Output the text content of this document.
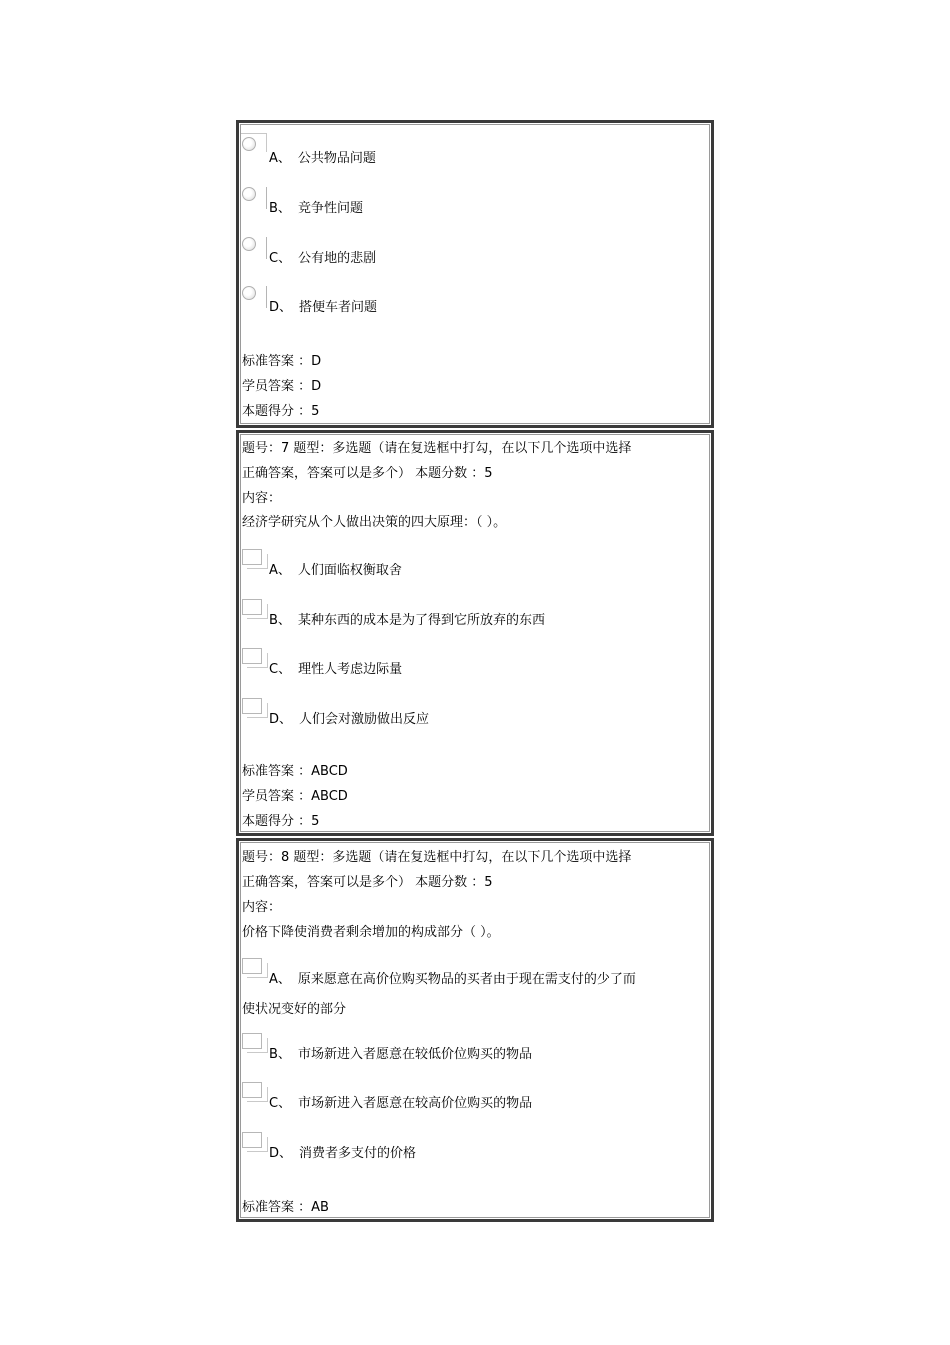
A、 公共物品问题
B、 竞争性问题
C、 公有地的悲剧
D、 搭便车者问题
标准答案 ：D
学员答案 ：D
本题得分 ：5
题号：7 题型：多选题（请在复选框中打勾，在以下几个选项中选择
正确答案，答案可以是多个） 本题分数 ：5
内容：
经济学研究从个人做出决策的四大原理：（ ）。
A、 人们面临权衡取舍
B、 某种东西的成本是为了得到它所放弃的东西
C、 理性人考虑边际量
D、 人们会对激励做出反应
标准答案 ：ABCD
学员答案 ：ABCD
本题得分 ：5
题号：8 题型：多选题（请在复选框中打勾，在以下几个选项中选择
正确答案，答案可以是多个） 本题分数 ：5
内容：
价格下降使消费者剩余增加的构成部分（ ）。
A、 原来愿意在高价位购买物品的买者由于现在需支付的少了而
使状况变好的部分
B、 市场新进入者愿意在较低价位购买的物品
C、 市场新进入者愿意在较高价位购买的物品
D、 消费者多支付的价格
标准答案 ：AB
